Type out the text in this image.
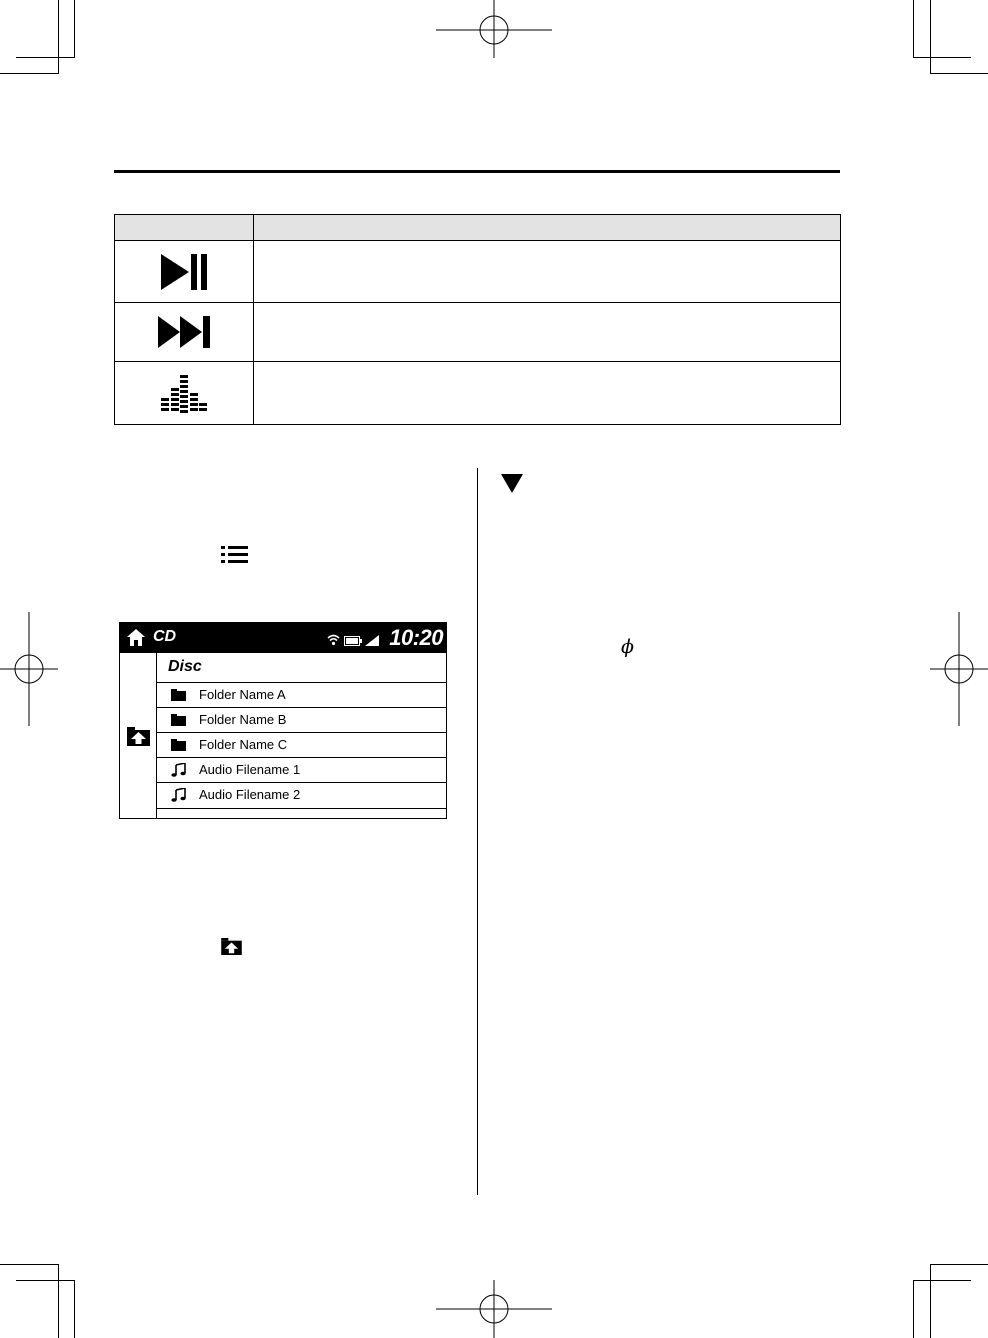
CD	10:20
Disc
Folder Name A
Folder Name B
Folder Name C
Audio Filename 1
Audio Filename 2
ϕ
